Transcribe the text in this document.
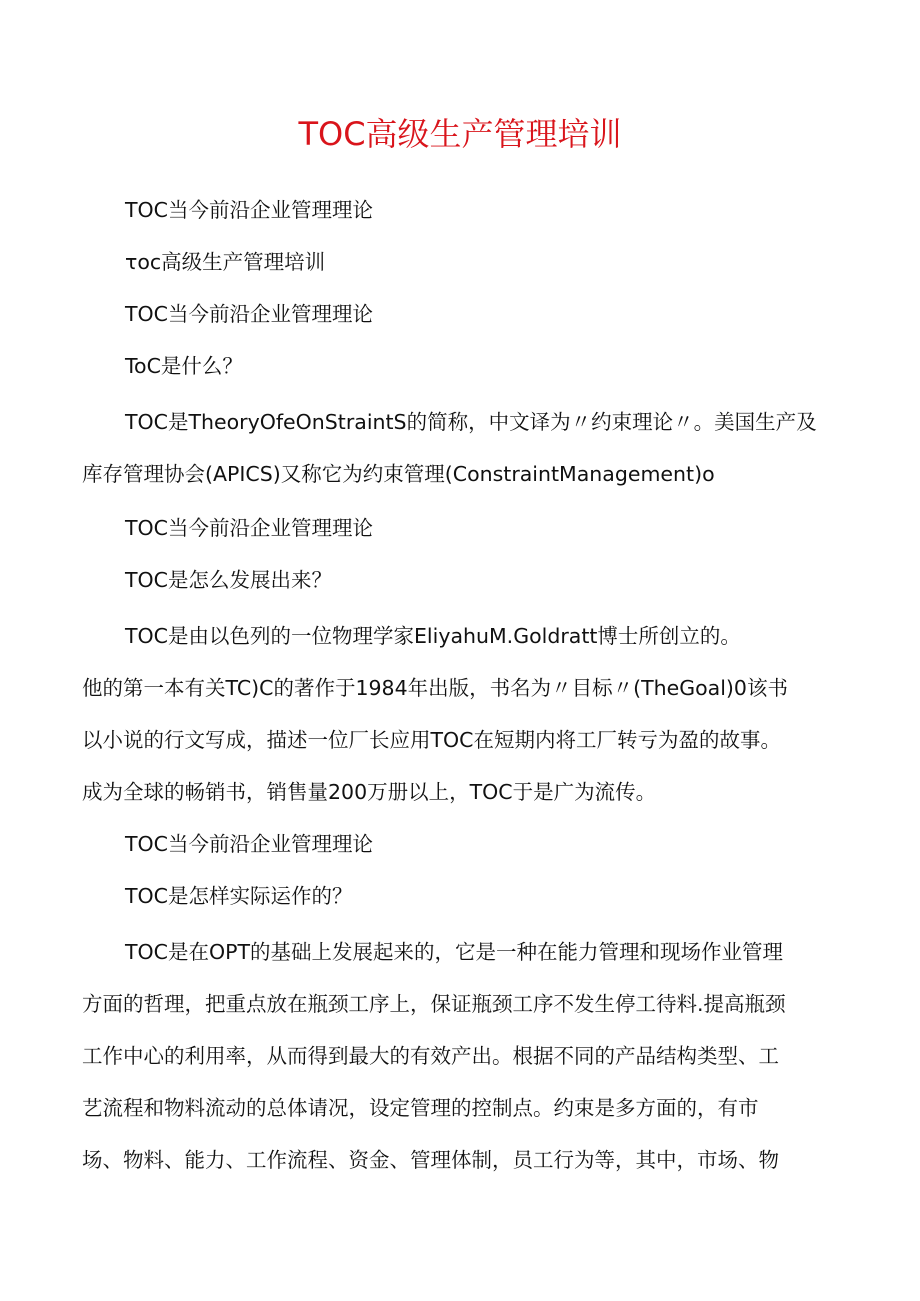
TOC高级生产管理培训

TOC当今前沿企业管理理论

τoc高级生产管理培训

TOC当今前沿企业管理理论

ToC是什么？

TOC是TheoryOfeOnStraintS的简称，中文译为〃约束理论〃。美国生产及

库存管理协会(APICS)又称它为约束管理(ConstraintManagement)o

TOC当今前沿企业管理理论

TOC是怎么发展出来？

TOC是由以色列的一位物理学家EliyahuM.Goldratt博士所创立的。

他的第一本有关TC)C的著作于1984年出版，书名为〃目标〃(TheGoal)0该书

以小说的行文写成，描述一位厂长应用TOC在短期内将工厂转亏为盈的故事。

成为全球的畅销书，销售量200万册以上，TOC于是广为流传。

TOC当今前沿企业管理理论

TOC是怎样实际运作的？

TOC是在OPT的基础上发展起来的，它是一种在能力管理和现场作业管理

方面的哲理，把重点放在瓶颈工序上，保证瓶颈工序不发生停工待料.提高瓶颈

工作中心的利用率，从而得到最大的有效产出。根据不同的产品结构类型、工

艺流程和物料流动的总体请况，设定管理的控制点。约束是多方面的，有市

场、物料、能力、工作流程、资金、管理体制，员工行为等，其中，市场、物
